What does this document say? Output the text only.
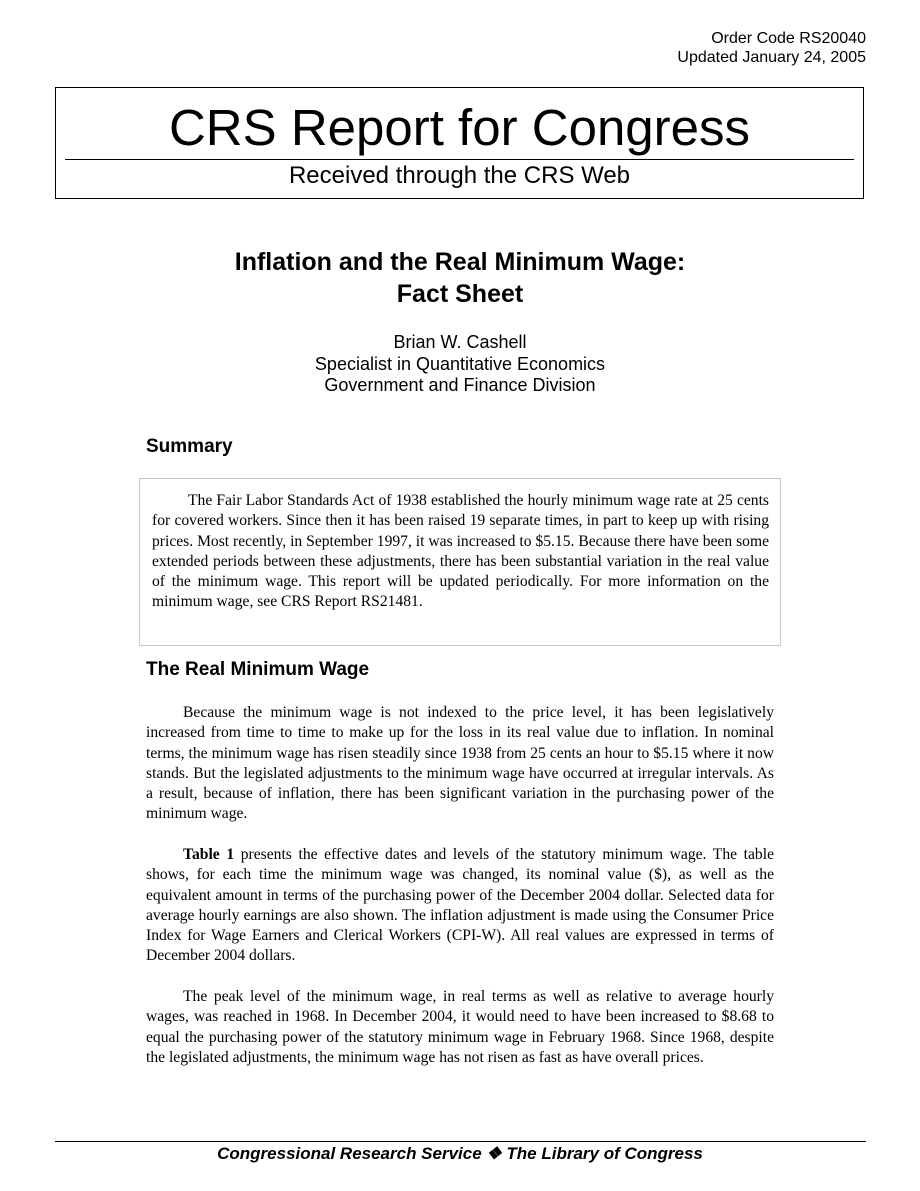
Order Code RS20040
Updated January 24, 2005
CRS Report for Congress
Received through the CRS Web
Inflation and the Real Minimum Wage:
Fact Sheet
Brian W. Cashell
Specialist in Quantitative Economics
Government and Finance Division
Summary
The Fair Labor Standards Act of 1938 established the hourly minimum wage rate at 25 cents for covered workers. Since then it has been raised 19 separate times, in part to keep up with rising prices. Most recently, in September 1997, it was increased to $5.15. Because there have been some extended periods between these adjustments, there has been substantial variation in the real value of the minimum wage. This report will be updated periodically. For more information on the minimum wage, see CRS Report RS21481.
The Real Minimum Wage
Because the minimum wage is not indexed to the price level, it has been legislatively increased from time to time to make up for the loss in its real value due to inflation. In nominal terms, the minimum wage has risen steadily since 1938 from 25 cents an hour to $5.15 where it now stands. But the legislated adjustments to the minimum wage have occurred at irregular intervals. As a result, because of inflation, there has been significant variation in the purchasing power of the minimum wage.
Table 1 presents the effective dates and levels of the statutory minimum wage. The table shows, for each time the minimum wage was changed, its nominal value ($), as well as the equivalent amount in terms of the purchasing power of the December 2004 dollar. Selected data for average hourly earnings are also shown. The inflation adjustment is made using the Consumer Price Index for Wage Earners and Clerical Workers (CPI-W). All real values are expressed in terms of December 2004 dollars.
The peak level of the minimum wage, in real terms as well as relative to average hourly wages, was reached in 1968. In December 2004, it would need to have been increased to $8.68 to equal the purchasing power of the statutory minimum wage in February 1968. Since 1968, despite the legislated adjustments, the minimum wage has not risen as fast as have overall prices.
Congressional Research Service ❖ The Library of Congress
